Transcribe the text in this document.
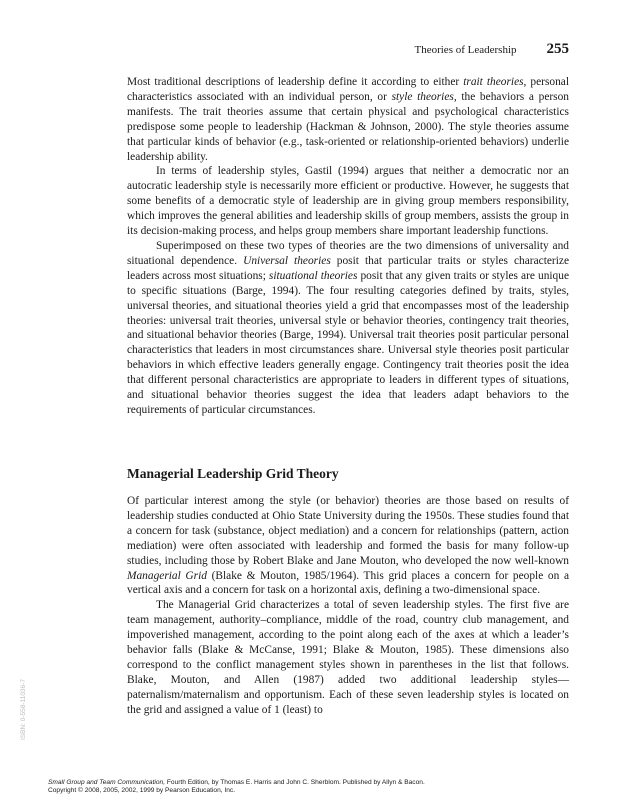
Theories of Leadership 255

Most traditional descriptions of leadership define it according to either trait theories, personal characteristics associated with an individual person, or style theories, the behaviors a person manifests. The trait theories assume that certain physical and psychological characteristics predispose some people to leadership (Hackman & Johnson, 2000). The style theories assume that particular kinds of behavior (e.g., task-oriented or relationship-oriented behaviors) underlie leadership ability.

In terms of leadership styles, Gastil (1994) argues that neither a democratic nor an autocratic leadership style is necessarily more efficient or productive. However, he suggests that some benefits of a democratic style of leadership are in giving group members responsibility, which improves the general abilities and leadership skills of group members, assists the group in its decision-making process, and helps group members share important leadership functions.

Superimposed on these two types of theories are the two dimensions of universality and situational dependence. Universal theories posit that particular traits or styles characterize leaders across most situations; situational theories posit that any given traits or styles are unique to specific situations (Barge, 1994). The four resulting categories defined by traits, styles, universal theories, and situational theories yield a grid that encompasses most of the leadership theories: universal trait theories, universal style or behavior theories, contingency trait theories, and situational behavior theories (Barge, 1994). Universal trait theories posit particular personal characteristics that leaders in most circumstances share. Universal style theories posit particular behaviors in which effective leaders generally engage. Contingency trait theories posit the idea that different personal characteristics are appropriate to leaders in different types of situations, and situational behavior theories suggest the idea that leaders adapt behaviors to the requirements of particular circumstances.

Managerial Leadership Grid Theory

Of particular interest among the style (or behavior) theories are those based on results of leadership studies conducted at Ohio State University during the 1950s. These studies found that a concern for task (substance, object mediation) and a concern for relationships (pattern, action mediation) were often associated with leadership and formed the basis for many follow-up studies, including those by Robert Blake and Jane Mouton, who developed the now well-known Managerial Grid (Blake & Mouton, 1985/1964). This grid places a concern for people on a vertical axis and a concern for task on a horizontal axis, defining a two-dimensional space.

The Managerial Grid characterizes a total of seven leadership styles. The first five are team management, authority–compliance, middle of the road, country club management, and impoverished management, according to the point along each of the axes at which a leader’s behavior falls (Blake & McCanse, 1991; Blake & Mouton, 1985). These dimensions also correspond to the conflict management styles shown in parentheses in the list that follows. Blake, Mouton, and Allen (1987) added two additional leadership styles—paternalism/maternalism and opportunism. Each of these seven leadership styles is located on the grid and assigned a value of 1 (least) to

ISBN: 0-558-11036-7
Small Group and Team Communication, Fourth Edition, by Thomas E. Harris and John C. Sherblom. Published by Allyn & Bacon.
Copyright © 2008, 2005, 2002, 1999 by Pearson Education, Inc.
